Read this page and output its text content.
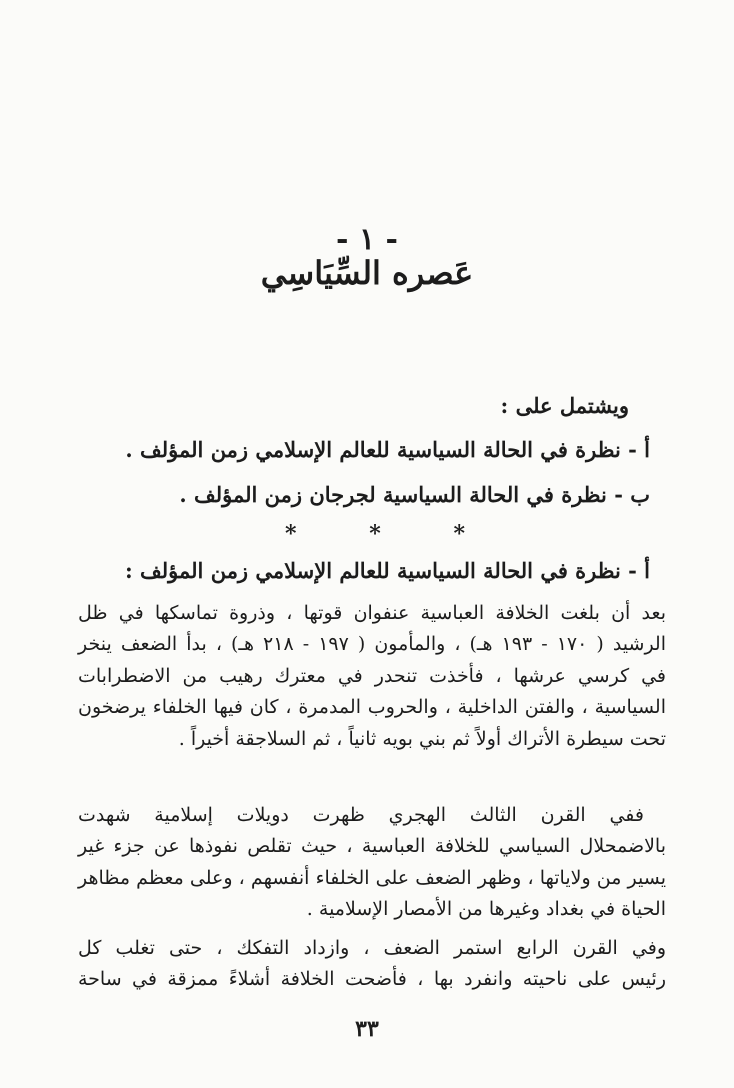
- ١ -
عَصره السِّيَاسِي
ويشتمل على :
أ - نظرة في الحالة السياسية للعالم الإسلامي زمن المؤلف .
ب - نظرة في الحالة السياسية لجرجان زمن المؤلف .
*	*	*
أ - نظرة في الحالة السياسية للعالم الإسلامي زمن المؤلف :
بعد أن بلغت الخلافة العباسية عنفوان قوتها ، وذروة تماسكها في ظل
الرشيد ( ١٧٠ - ١٩٣ هـ) ، والمأمون ( ١٩٧ - ٢١٨ هـ) ، بدأ الضعف ينخر
في كرسي عرشها ، فأخذت تنحدر في معترك رهيب من الاضطرابات
السياسية ، والفتن الداخلية ، والحروب المدمرة ، كان فيها الخلفاء يرضخون
تحت سيطرة الأتراك أولاً ثم بني بويه ثانياً ، ثم السلاجقة أخيراً .
ففي القرن الثالث الهجري ظهرت دويلات إسلامية شهدت
بالاضمحلال السياسي للخلافة العباسية ، حيث تقلص نفوذها عن جزء غير
يسير من ولاياتها ، وظهر الضعف على الخلفاء أنفسهم ، وعلى معظم مظاهر
الحياة في بغداد وغيرها من الأمصار الإسلامية .
وفي القرن الرابع استمر الضعف ، وازداد التفكك ، حتى تغلب كل
رئيس على ناحيته وانفرد بها ، فأضحت الخلافة أشلاءً ممزقة في ساحة
٣٣
